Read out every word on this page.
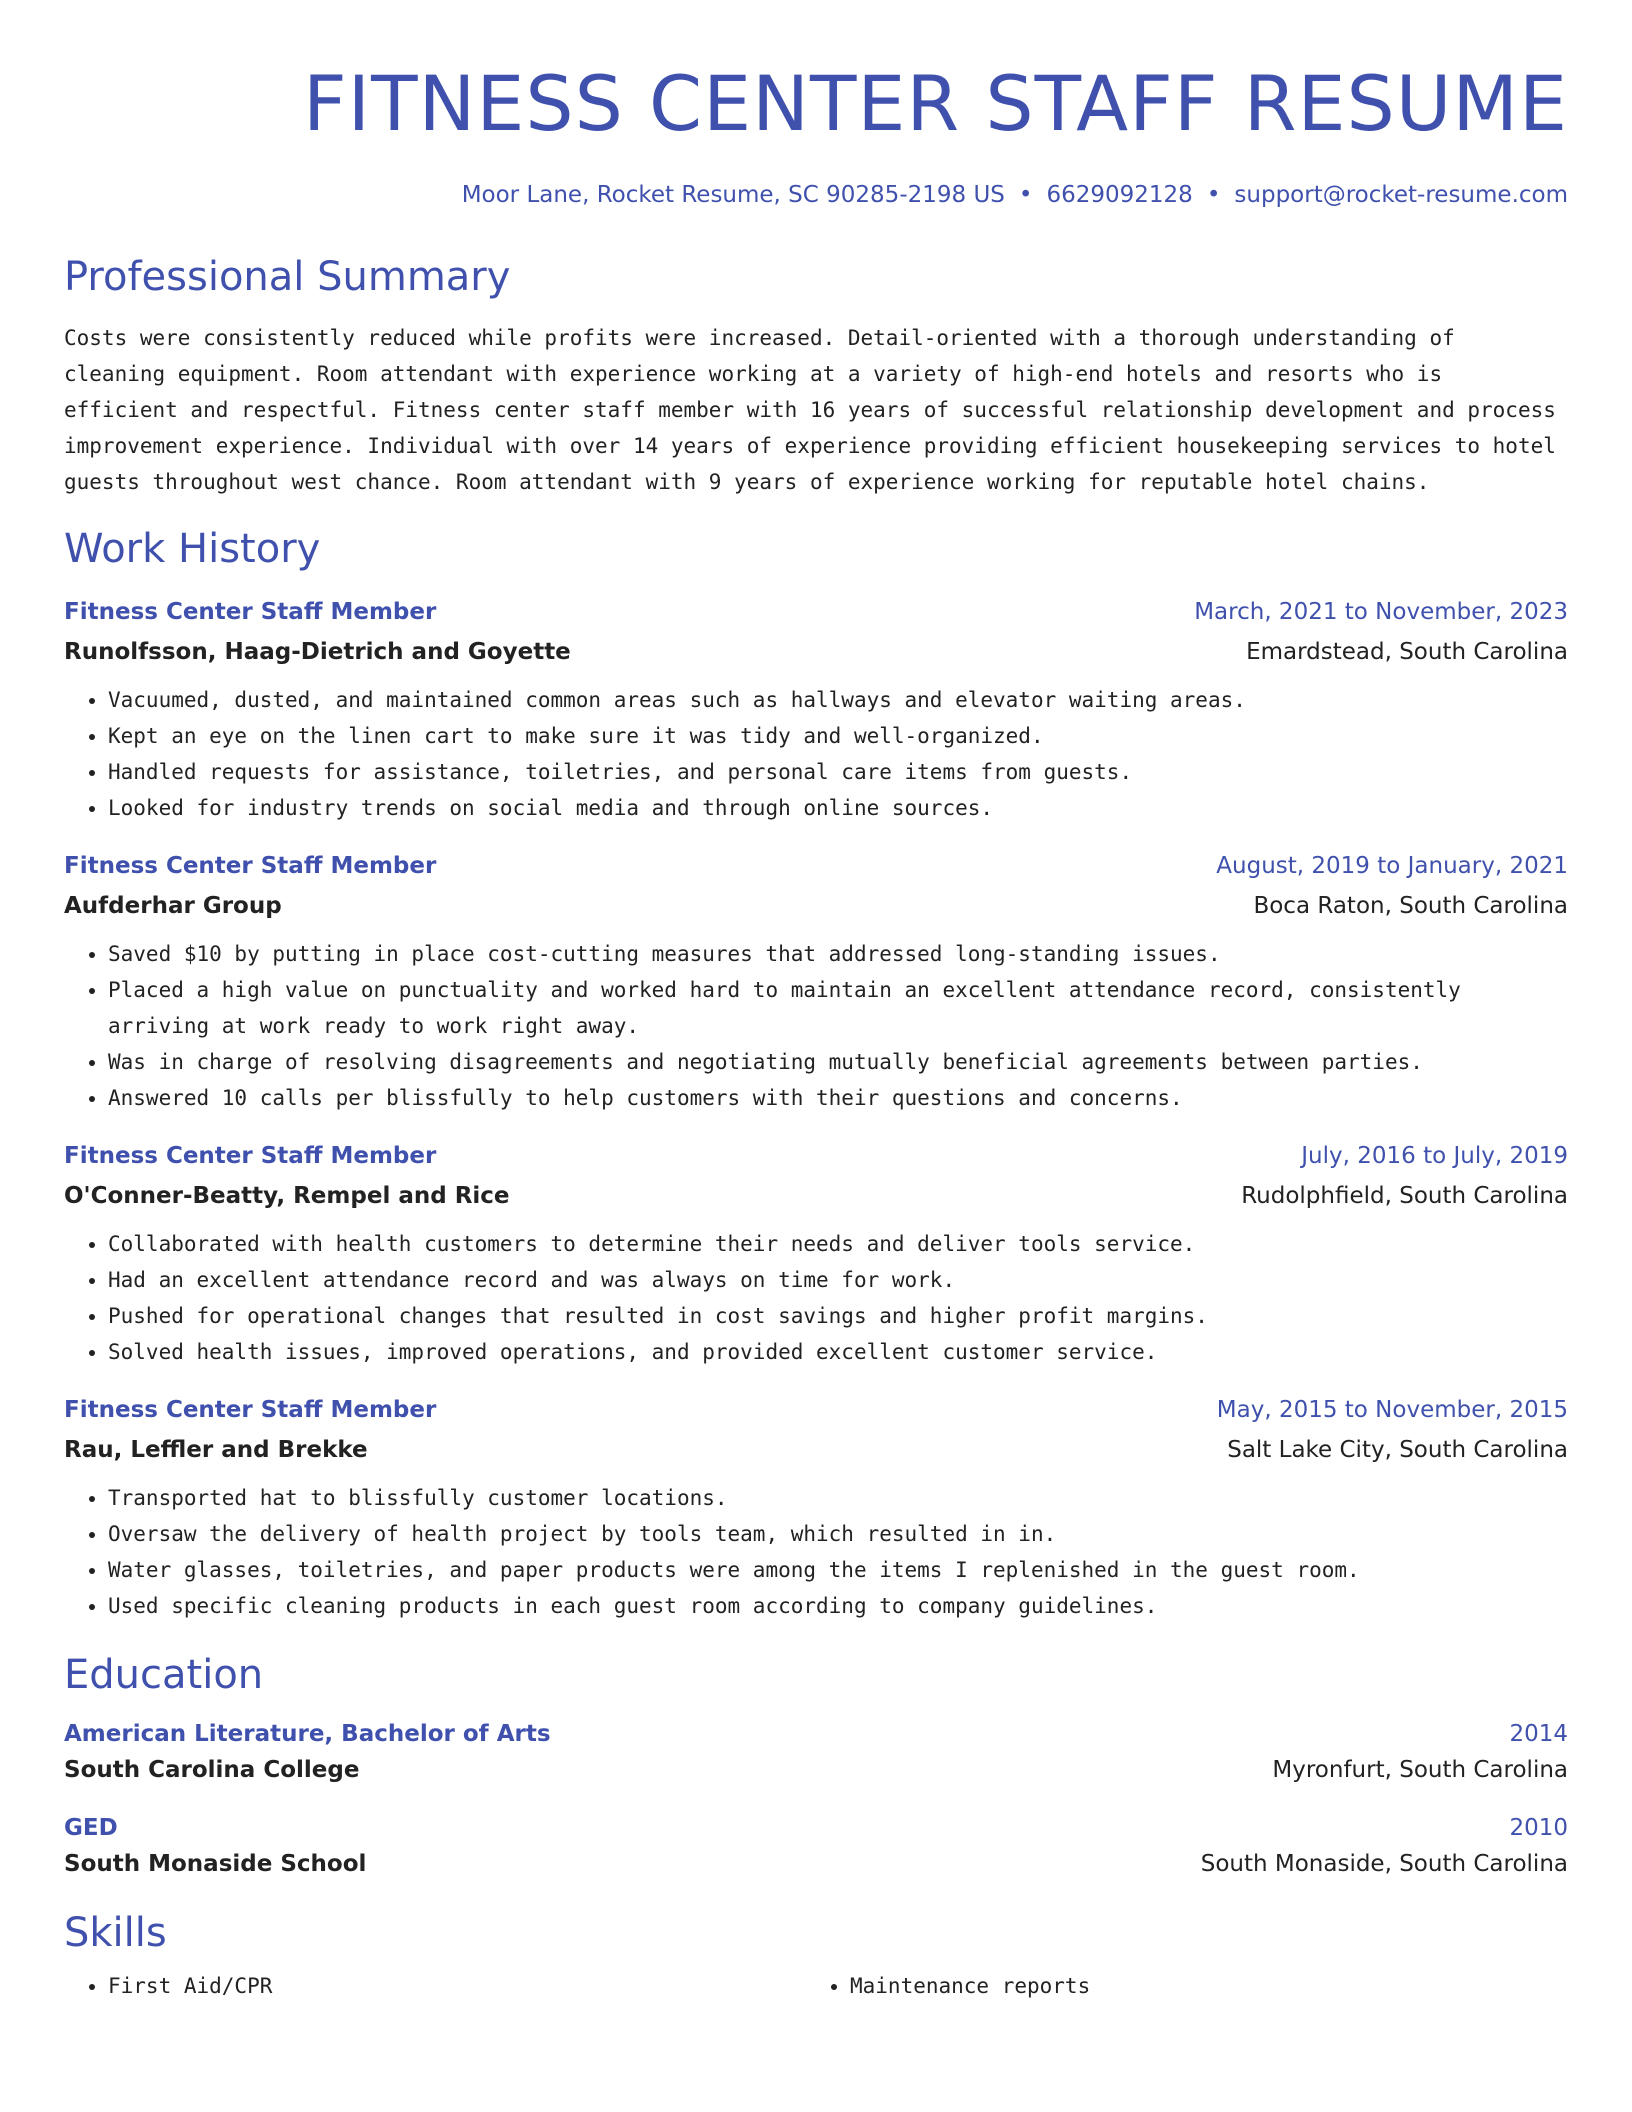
FITNESS CENTER STAFF RESUME
Moor Lane, Rocket Resume, SC 90285-2198 US • 6629092128 • support@rocket-resume.com
Professional Summary
Costs were consistently reduced while profits were increased. Detail-oriented with a thorough understanding of cleaning equipment. Room attendant with experience working at a variety of high-end hotels and resorts who is efficient and respectful. Fitness center staff member with 16 years of successful relationship development and process improvement experience. Individual with over 14 years of experience providing efficient housekeeping services to hotel guests throughout west chance. Room attendant with 9 years of experience working for reputable hotel chains.
Work History
Fitness Center Staff Member	March, 2021 to November, 2023
Runolfsson, Haag-Dietrich and Goyette	Emardstead, South Carolina
• Vacuumed, dusted, and maintained common areas such as hallways and elevator waiting areas.
• Kept an eye on the linen cart to make sure it was tidy and well-organized.
• Handled requests for assistance, toiletries, and personal care items from guests.
• Looked for industry trends on social media and through online sources.
Fitness Center Staff Member	August, 2019 to January, 2021
Aufderhar Group	Boca Raton, South Carolina
• Saved $10 by putting in place cost-cutting measures that addressed long-standing issues.
• Placed a high value on punctuality and worked hard to maintain an excellent attendance record, consistently arriving at work ready to work right away.
• Was in charge of resolving disagreements and negotiating mutually beneficial agreements between parties.
• Answered 10 calls per blissfully to help customers with their questions and concerns.
Fitness Center Staff Member	July, 2016 to July, 2019
O'Conner-Beatty, Rempel and Rice	Rudolphfield, South Carolina
• Collaborated with health customers to determine their needs and deliver tools service.
• Had an excellent attendance record and was always on time for work.
• Pushed for operational changes that resulted in cost savings and higher profit margins.
• Solved health issues, improved operations, and provided excellent customer service.
Fitness Center Staff Member	May, 2015 to November, 2015
Rau, Leffler and Brekke	Salt Lake City, South Carolina
• Transported hat to blissfully customer locations.
• Oversaw the delivery of health project by tools team, which resulted in in.
• Water glasses, toiletries, and paper products were among the items I replenished in the guest room.
• Used specific cleaning products in each guest room according to company guidelines.
Education
American Literature, Bachelor of Arts	2014
South Carolina College	Myronfurt, South Carolina
GED	2010
South Monaside School	South Monaside, South Carolina
Skills
• First Aid/CPR
•	Maintenance reports
